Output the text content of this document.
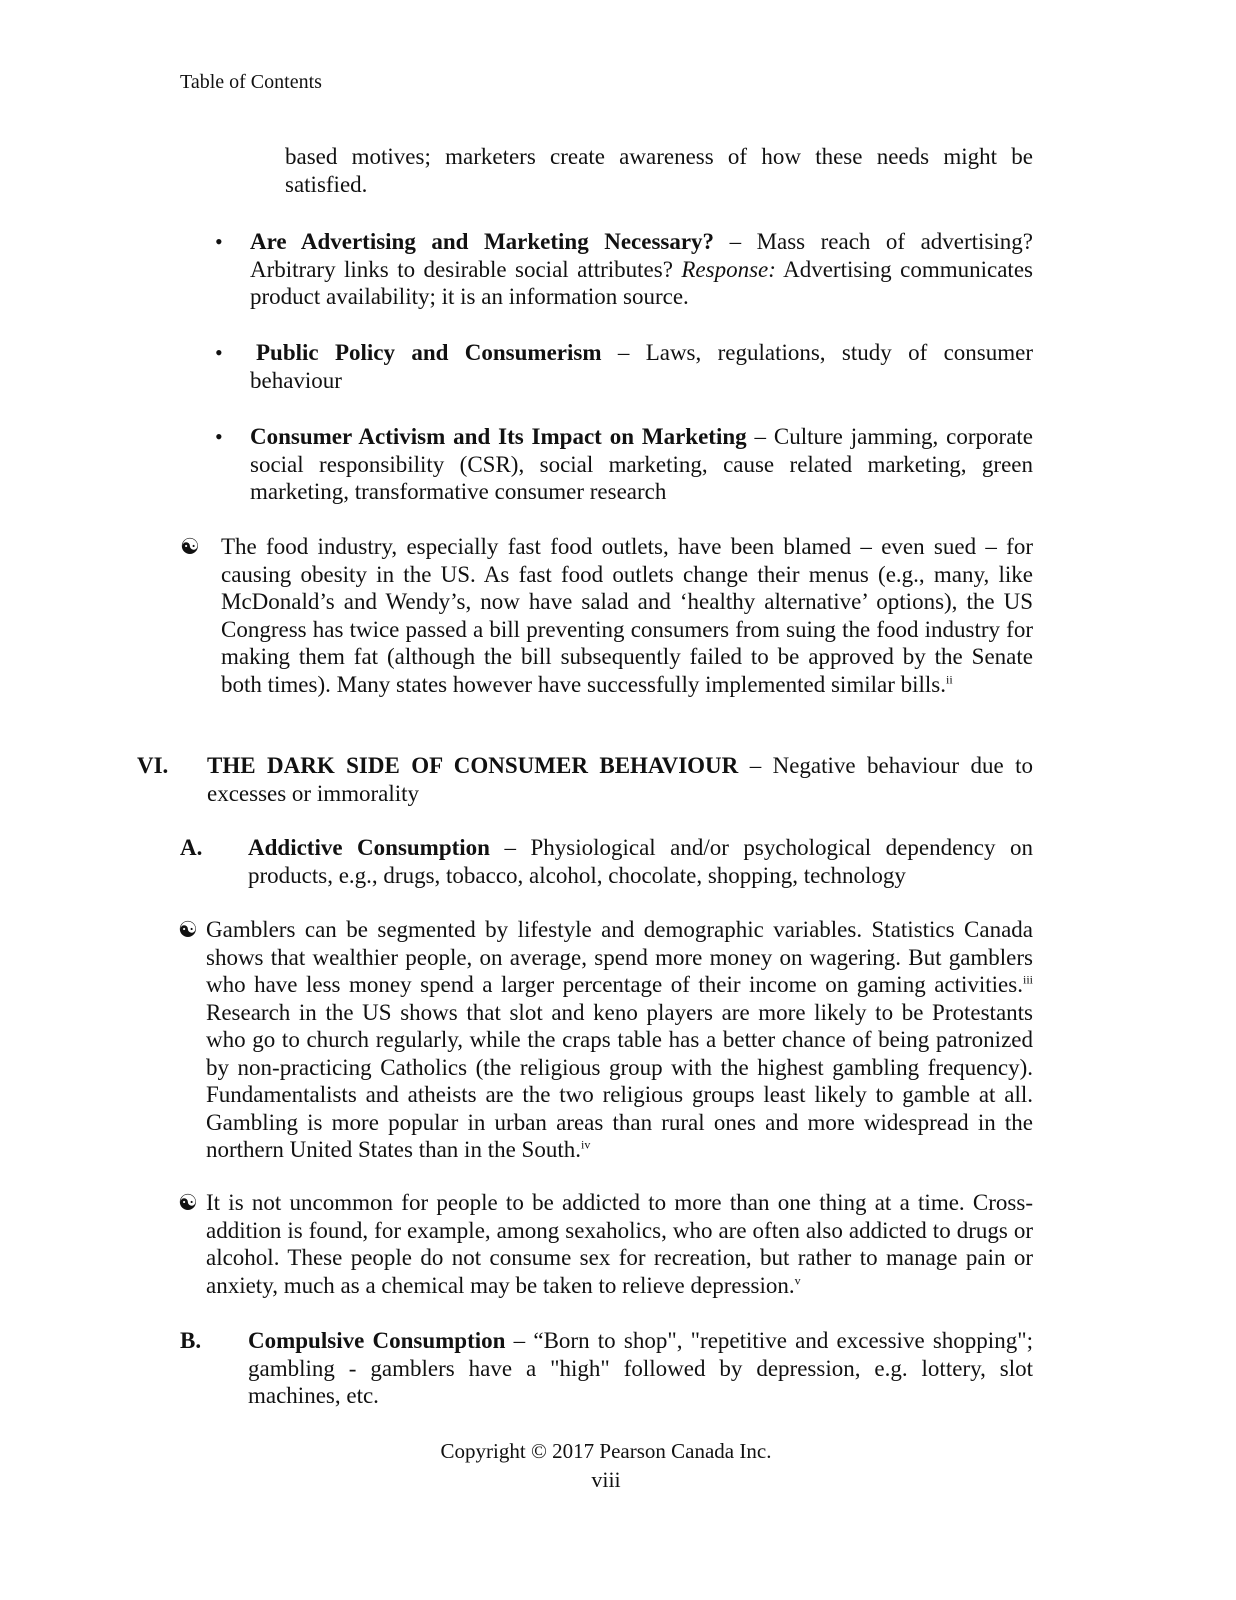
Table of Contents
based motives; marketers create awareness of how these needs might be satisfied.
• Are Advertising and Marketing Necessary? – Mass reach of advertising? Arbitrary links to desirable social attributes? Response: Advertising communicates product availability; it is an information source.
• Public Policy and Consumerism – Laws, regulations, study of consumer behaviour
• Consumer Activism and Its Impact on Marketing – Culture jamming, corporate social responsibility (CSR), social marketing, cause related marketing, green marketing, transformative consumer research
☯ The food industry, especially fast food outlets, have been blamed – even sued – for causing obesity in the US. As fast food outlets change their menus (e.g., many, like McDonald’s and Wendy’s, now have salad and ‘healthy alternative’ options), the US Congress has twice passed a bill preventing consumers from suing the food industry for making them fat (although the bill subsequently failed to be approved by the Senate both times). Many states however have successfully implemented similar bills.$^{ii}$
VI. THE DARK SIDE OF CONSUMER BEHAVIOUR – Negative behaviour due to excesses or immorality
A. Addictive Consumption – Physiological and/or psychological dependency on products, e.g., drugs, tobacco, alcohol, chocolate, shopping, technology
☯ Gamblers can be segmented by lifestyle and demographic variables. Statistics Canada shows that wealthier people, on average, spend more money on wagering. But gamblers who have less money spend a larger percentage of their income on gaming activities.$^{iii}$ Research in the US shows that slot and keno players are more likely to be Protestants who go to church regularly, while the craps table has a better chance of being patronized by non-practicing Catholics (the religious group with the highest gambling frequency). Fundamentalists and atheists are the two religious groups least likely to gamble at all. Gambling is more popular in urban areas than rural ones and more widespread in the northern United States than in the South.$^{iv}$
☯ It is not uncommon for people to be addicted to more than one thing at a time. Cross-addition is found, for example, among sexaholics, who are often also addicted to drugs or alcohol. These people do not consume sex for recreation, but rather to manage pain or anxiety, much as a chemical may be taken to relieve depression.$^v$
B. Compulsive Consumption – “Born to shop", "repetitive and excessive shopping"; gambling - gamblers have a "high" followed by depression, e.g. lottery, slot machines, etc.
Copyright © 2017 Pearson Canada Inc.
viii
